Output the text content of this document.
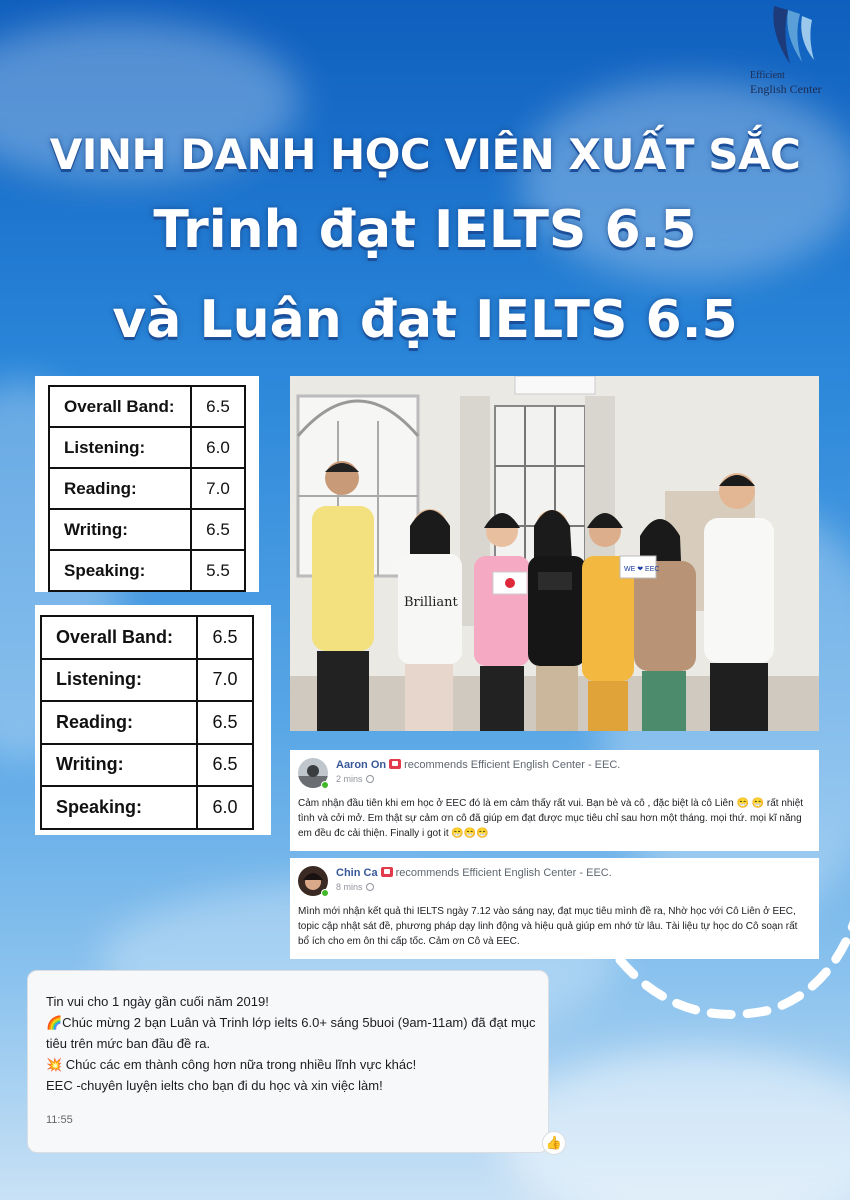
Efficient
English Center
VINH DANH HỌC VIÊN XUẤT SẮC
Trinh đạt IELTS 6.5
và Luân đạt IELTS 6.5
Overall Band:	6.5
Listening:	6.0
Reading:	7.0
Writing:	6.5
Speaking:	5.5
Overall Band:	6.5
Listening:	7.0
Reading:	6.5
Writing:	6.5
Speaking:	6.0
Brilliant
WE ❤ EEC
Aaron On recommends Efficient English Center - EEC.
2 mins
Cảm nhận đầu tiên khi em học ở EEC đó là em cảm thấy rất vui. Bạn bè và cô , đặc biệt là cô Liên 😁 😁 rất nhiệt tình và cởi mở. Em thật sự cảm ơn cô đã giúp em đạt được mục tiêu chỉ sau hơn một tháng. mọi thứ. mọi kĩ năng em đều đc cải thiện. Finally i got it 😁😁😁
Chin Ca recommends Efficient English Center - EEC.
8 mins
Mình mới nhận kết quả thi IELTS ngày 7.12 vào sáng nay, đạt mục tiêu mình đề ra, Nhờ học với Cô Liên ở EEC, topic cập nhật sát đề, phương pháp dạy linh động và hiệu quả giúp em nhớ từ lâu. Tài liệu tự học do Cô soạn rất bổ ích cho em ôn thi cấp tốc. Cảm ơn Cô và EEC.
Tin vui cho 1 ngày gần cuối năm 2019!
🌈Chúc mừng 2 bạn Luân và Trinh lớp ielts 6.0+ sáng 5buoi (9am-11am) đã đạt mục tiêu trên mức ban đầu đề ra.
💥 Chúc các em thành công hơn nữa trong nhiều lĩnh vực khác!
EEC -chuyên luyện ielts cho bạn đi du học và xin việc làm!
11:55
👍
